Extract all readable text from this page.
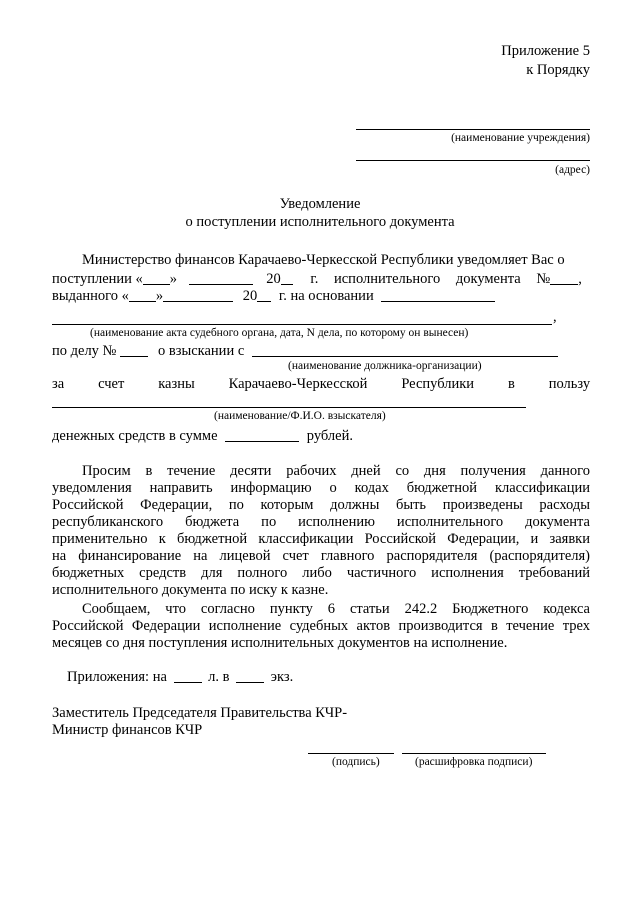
Приложение 5
к Порядку
(наименование учреждения)
(адрес)
Уведомление
о поступлении исполнительного документа
Министерство финансов Карачаево-Черкесской Республики уведомляет Вас о
поступлении « »	20 г. исполнительного документа № ,
выданного « »	20 г. на основании
,
(наименование акта судебного органа, дата, N дела, по которому он вынесен)
по делу №	о взыскании с
(наименование должника-организации)
за счет казны Карачаево-Черкесской Республики в пользу
(наименование/Ф.И.О. взыскателя)
денежных средств в сумме	рублей.
Просим в течение десяти рабочих дней со дня получения данного
уведомления направить информацию о кодах бюджетной классификации
Российской Федерации, по которым должны быть произведены расходы
республиканского бюджета по исполнению исполнительного документа
применительно к бюджетной классификации Российской Федерации, и заявки
на финансирование на лицевой счет главного распорядителя (распорядителя)
бюджетных средств для полного либо частичного исполнения требований
исполнительного документа по иску к казне.
Сообщаем, что согласно пункту 6 статьи 242.2 Бюджетного кодекса
Российской Федерации исполнение судебных актов производится в течение трех
месяцев со дня поступления исполнительных документов на исполнение.
Приложения: на	л. в	экз.
Заместитель Председателя Правительства КЧР-
Министр финансов КЧР
(подпись)	(расшифровка подписи)
